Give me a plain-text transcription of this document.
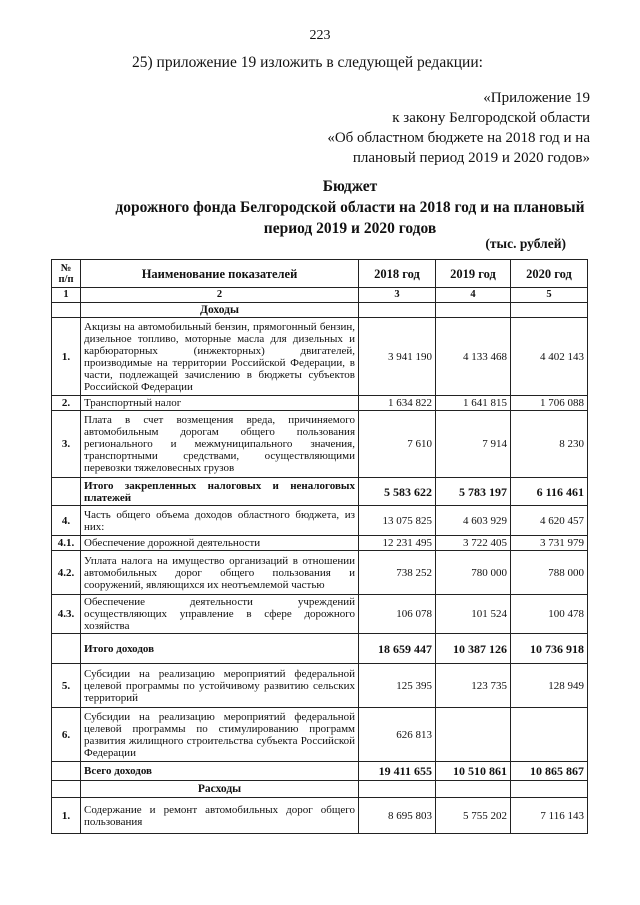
223
25) приложение 19 изложить в следующей редакции:
«Приложение 19
к закону Белгородской области
«Об областном бюджете на 2018 год и на
плановый период 2019 и 2020 годов»
Бюджет
дорожного фонда Белгородской области на 2018 год и на плановый
период 2019 и 2020 годов
(тыс. рублей)
№ п/п	Наименование показателей	2018 год	2019 год	2020 год
1	2	3	4	5
	Доходы			
1.	Акцизы на автомобильный бензин, прямогонный бензин, дизельное топливо, моторные масла для дизельных и карбюраторных (инжекторных) двигателей, производимые на территории Российской Федерации, в части, подлежащей зачислению в бюджеты субъектов Российской Федерации	3 941 190	4 133 468	4 402 143
2.	Транспортный налог	1 634 822	1 641 815	1 706 088
3.	Плата в счет возмещения вреда, причиняемого автомобильным дорогам общего пользования регионального и межмуниципального значения, транспортными средствами, осуществляющими перевозки тяжеловесных грузов	7 610	7 914	8 230
	Итого закрепленных налоговых и неналоговых платежей	5 583 622	5 783 197	6 116 461
4.	Часть общего объема доходов областного бюджета, из них:	13 075 825	4 603 929	4 620 457
4.1.	Обеспечение дорожной деятельности	12 231 495	3 722 405	3 731 979
4.2.	Уплата налога на имущество организаций в отношении автомобильных дорог общего пользования и сооружений, являющихся их неотъемлемой частью	738 252	780 000	788 000
4.3.	Обеспечение деятельности учреждений осуществляющих управление в сфере дорожного хозяйства	106 078	101 524	100 478
	Итого доходов	18 659 447	10 387 126	10 736 918
5.	Субсидии на реализацию мероприятий федеральной целевой программы по устойчивому развитию сельских территорий	125 395	123 735	128 949
6.	Субсидии на реализацию мероприятий федеральной целевой программы по стимулированию программ развития жилищного строительства субъекта Российской Федерации	626 813		
	Всего доходов	19 411 655	10 510 861	10 865 867
	Расходы			
1.	Содержание и ремонт автомобильных дорог общего пользования	8 695 803	5 755 202	7 116 143
